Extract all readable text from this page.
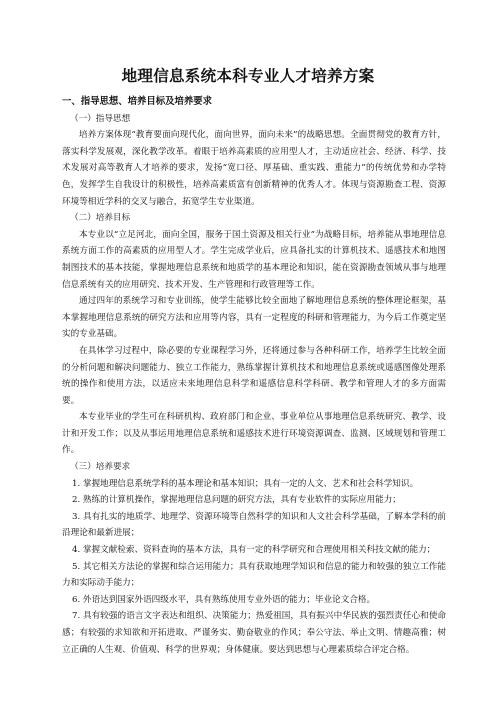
地理信息系统本科专业人才培养方案

一、指导思想、培养目标及培养要求

（一）指导思想

培养方案体现“教育要面向现代化，面向世界，面向未来”的战略思想。全面贯彻党的教育方针，落实科学发展观，深化教学改革。着眼于培养高素质的应用型人才，主动适应社会、经济、科学、技术发展对高等教育人才培养的要求，发扬“宽口径、厚基础、重实践、重能力”的传统优势和办学特色，发挥学生自我设计的积极性，培养高素质富有创新精神的优秀人才。体现与资源勘查工程、资源环境等相近学科的交叉与融合，拓宽学生专业渠道。

（二）培养目标

本专业以“立足河北，面向全国，服务于国土资源及相关行业”为战略目标，培养能从事地理信息系统方面工作的高素质的应用型人才。学生完成学业后，应具备扎实的计算机技术、遥感技术和地图制图技术的基本技能，掌握地理信息系统和地质学的基本理论和知识，能在资源勘查领域从事与地理信息系统有关的应用研究、技术开发、生产管理和行政管理等工作。

通过四年的系统学习和专业训练，使学生能够比较全面地了解地理信息系统的整体理论框架，基本掌握地理信息系统的研究方法和应用等内容，具有一定程度的科研和管理能力，为今后工作奠定坚实的专业基础。

在具体学习过程中，除必要的专业课程学习外，还将通过参与各种科研工作，培养学生比较全面的分析问题和解决问题能力、独立工作能力，熟练掌握计算机技术和地理信息系统或遥感图像处理系统的操作和使用方法，以适应未来地理信息科学和遥感信息科学科研、教学和管理人才的多方面需要。

本专业毕业的学生可在科研机构、政府部门和企业、事业单位从事地理信息系统研究、教学、设计和开发工作；以及从事运用地理信息系统和遥感技术进行环境资源调查、监测、区域规划和管理工作。

（三）培养要求

1. 掌握地理信息系统学科的基本理论和基本知识；具有一定的人文、艺术和社会科学知识。

2. 熟练的计算机操作，掌握地理信息问题的研究方法，具有专业软件的实际应用能力；

3. 具有扎实的地质学、地理学、资源环境等自然科学的知识和人文社会科学基础，了解本学科的前沿理论和最新进展；

4. 掌握文献检索、资料查询的基本方法，具有一定的科学研究和合理使用相关科技文献的能力；

5. 其它相关方法论的掌握和综合运用能力；具有获取地理学知识和信息的能力和较强的独立工作能力和实际动手能力；

6. 外语达到国家外语四级水平，具有熟练使用专业外语的能力；毕业论文合格。

7. 具有较强的语言文字表达和组织、决策能力；热爱祖国，具有振兴中华民族的强烈责任心和使命感；有较强的求知欲和开拓进取、严谨务实、勤奋敬业的作风；奉公守法、举止文明、情趣高雅；树立正确的人生观、价值观、科学的世界观；身体健康。要达到思想与心理素质综合评定合格。
